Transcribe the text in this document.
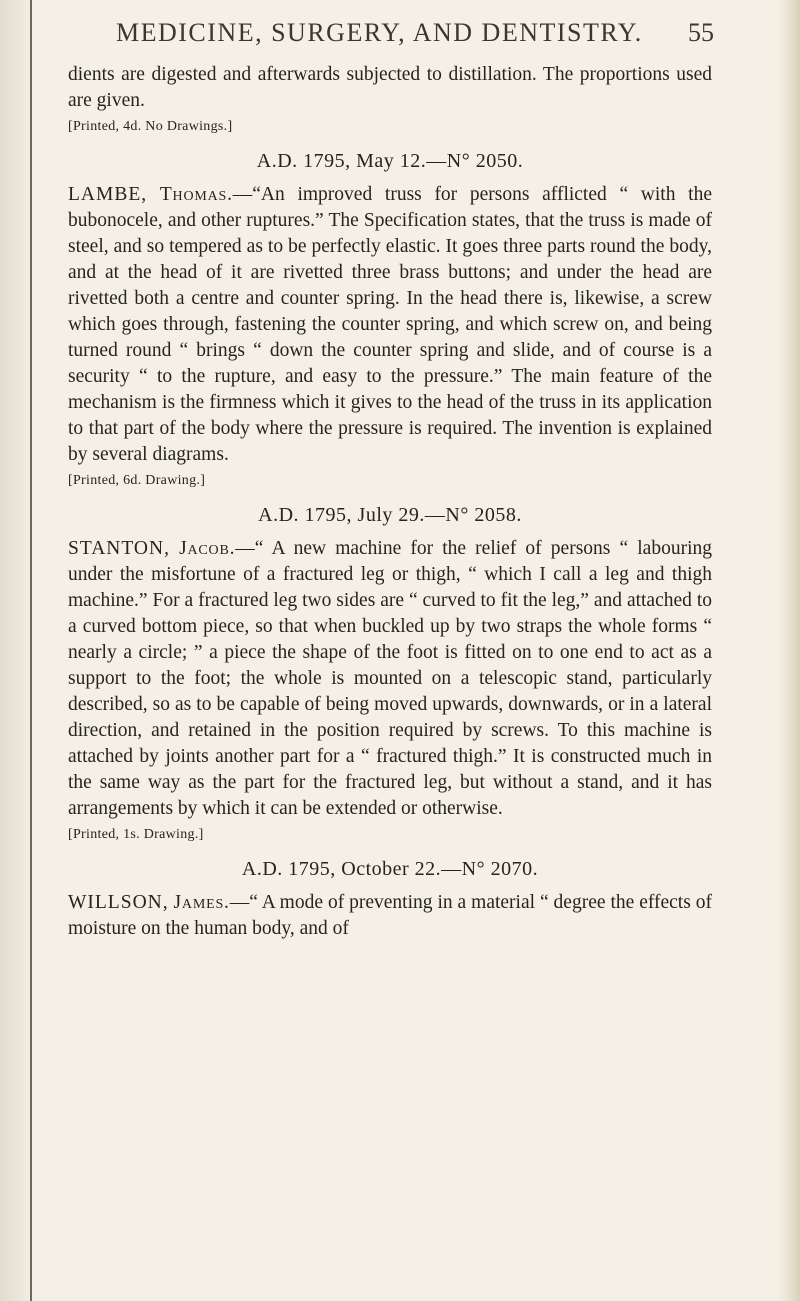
MEDICINE, SURGERY, AND DENTISTRY. 55

dients are digested and afterwards subjected to distillation. The proportions used are given.

[Printed, 4d. No Drawings.]
A.D. 1795, May 12.—N° 2050.

LAMBE, Thomas.—“An improved truss for persons afflicted “ with the bubonocele, and other ruptures.” The Specification states, that the truss is made of steel, and so tempered as to be perfectly elastic. It goes three parts round the body, and at the head of it are rivetted three brass buttons; and under the head are rivetted both a centre and counter spring. In the head there is, likewise, a screw which goes through, fastening the counter spring, and which screw on, and being turned round “ brings “ down the counter spring and slide, and of course is a security “ to the rupture, and easy to the pressure.” The main feature of the mechanism is the firmness which it gives to the head of the truss in its application to that part of the body where the pressure is required. The invention is explained by several diagrams.

[Printed, 6d. Drawing.]
A.D. 1795, July 29.—N° 2058.

STANTON, Jacob.—“ A new machine for the relief of persons “ labouring under the misfortune of a fractured leg or thigh, “ which I call a leg and thigh machine.” For a fractured leg two sides are “ curved to fit the leg,” and attached to a curved bottom piece, so that when buckled up by two straps the whole forms “ nearly a circle; ” a piece the shape of the foot is fitted on to one end to act as a support to the foot; the whole is mounted on a telescopic stand, particularly described, so as to be capable of being moved upwards, downwards, or in a lateral direction, and retained in the position required by screws. To this machine is attached by joints another part for a “ fractured thigh.” It is constructed much in the same way as the part for the fractured leg, but without a stand, and it has arrangements by which it can be extended or otherwise.

[Printed, 1s. Drawing.]
A.D. 1795, October 22.—N° 2070.

WILLSON, James.—“ A mode of preventing in a material “ degree the effects of moisture on the human body, and of
